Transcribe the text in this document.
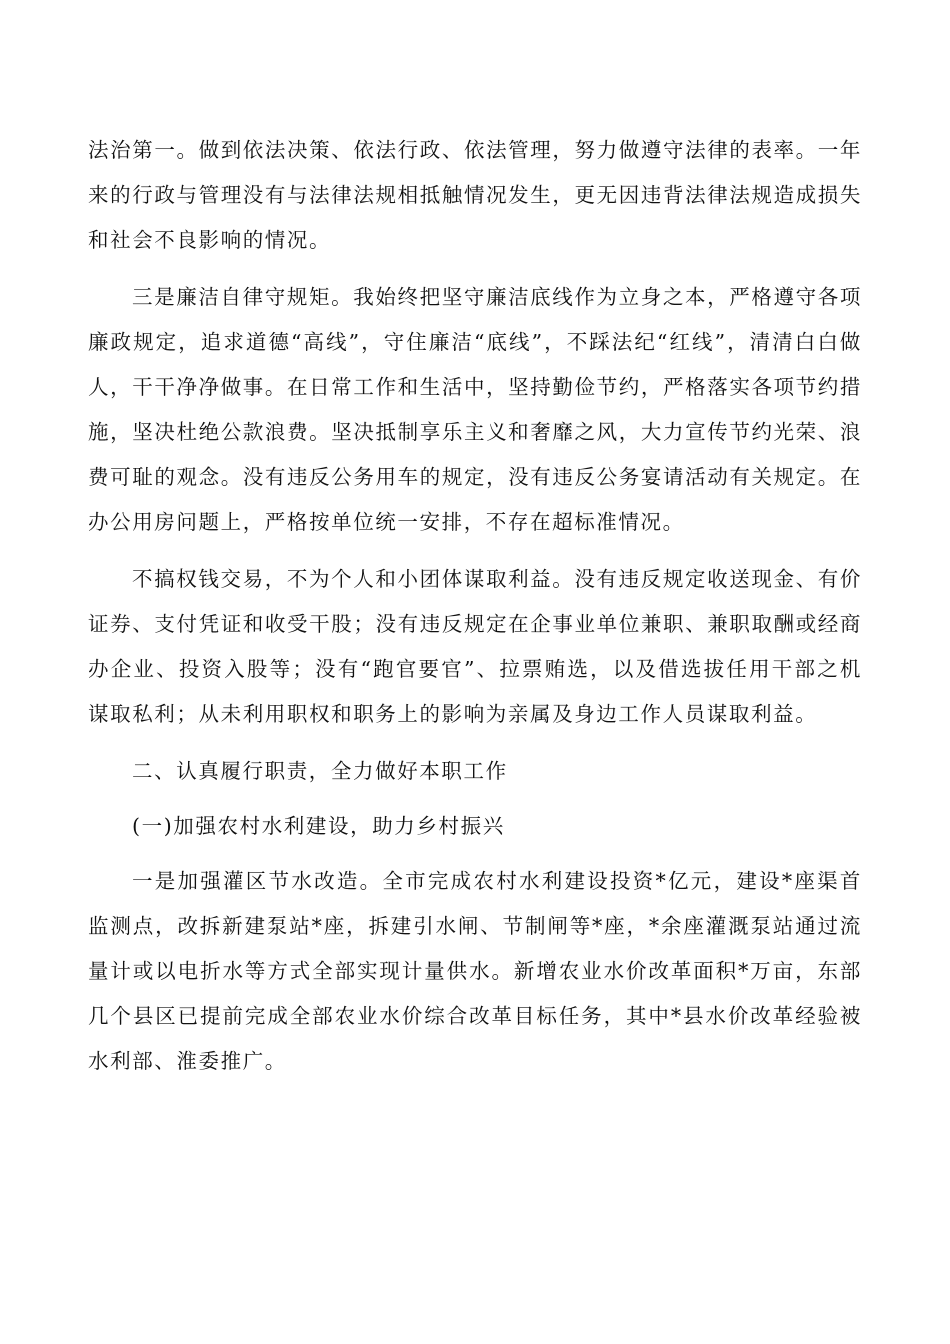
法治第一。做到依法决策、依法行政、依法管理，努力做遵守法律的表率。一年来的行政与管理没有与法律法规相抵触情况发生，更无因违背法律法规造成损失和社会不良影响的情况。

三是廉洁自律守规矩。我始终把坚守廉洁底线作为立身之本，严格遵守各项廉政规定，追求道德“高线”，守住廉洁“底线”，不踩法纪“红线”，清清白白做人，干干净净做事。在日常工作和生活中，坚持勤俭节约，严格落实各项节约措施，坚决杜绝公款浪费。坚决抵制享乐主义和奢靡之风，大力宣传节约光荣、浪费可耻的观念。没有违反公务用车的规定，没有违反公务宴请活动有关规定。在办公用房问题上，严格按单位统一安排，不存在超标准情况。

不搞权钱交易，不为个人和小团体谋取利益。没有违反规定收送现金、有价证券、支付凭证和收受干股；没有违反规定在企事业单位兼职、兼职取酬或经商办企业、投资入股等；没有“跑官要官”、拉票贿选，以及借选拔任用干部之机谋取私利；从未利用职权和职务上的影响为亲属及身边工作人员谋取利益。

二、认真履行职责，全力做好本职工作

(一)加强农村水利建设，助力乡村振兴

一是加强灌区节水改造。全市完成农村水利建设投资*亿元，建设*座渠首监测点，改拆新建泵站*座，拆建引水闸、节制闸等*座，*余座灌溉泵站通过流量计或以电折水等方式全部实现计量供水。新增农业水价改革面积*万亩，东部几个县区已提前完成全部农业水价综合改革目标任务，其中*县水价改革经验被水利部、淮委推广。
